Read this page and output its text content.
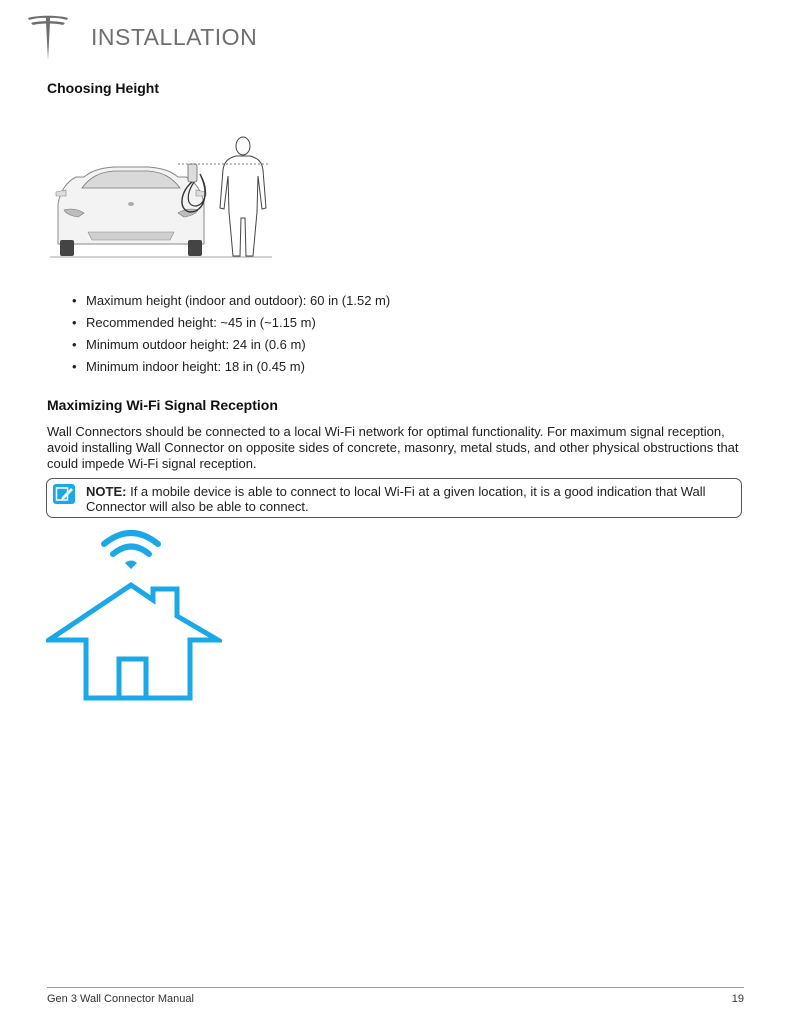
INSTALLATION
Choosing Height
• Maximum height (indoor and outdoor): 60 in (1.52 m)
• Recommended height: ~45 in (~1.15 m)
• Minimum outdoor height: 24 in (0.6 m)
• Minimum indoor height: 18 in (0.45 m)
Maximizing Wi-Fi Signal Reception

Wall Connectors should be connected to a local Wi-Fi network for optimal functionality. For maximum signal reception, avoid installing Wall Connector on opposite sides of concrete, masonry, metal studs, and other physical obstructions that could impede Wi-Fi signal reception.

NOTE: If a mobile device is able to connect to local Wi-Fi at a given location, it is a good indication that Wall Connector will also be able to connect.

Gen 3 Wall Connector Manual	19
